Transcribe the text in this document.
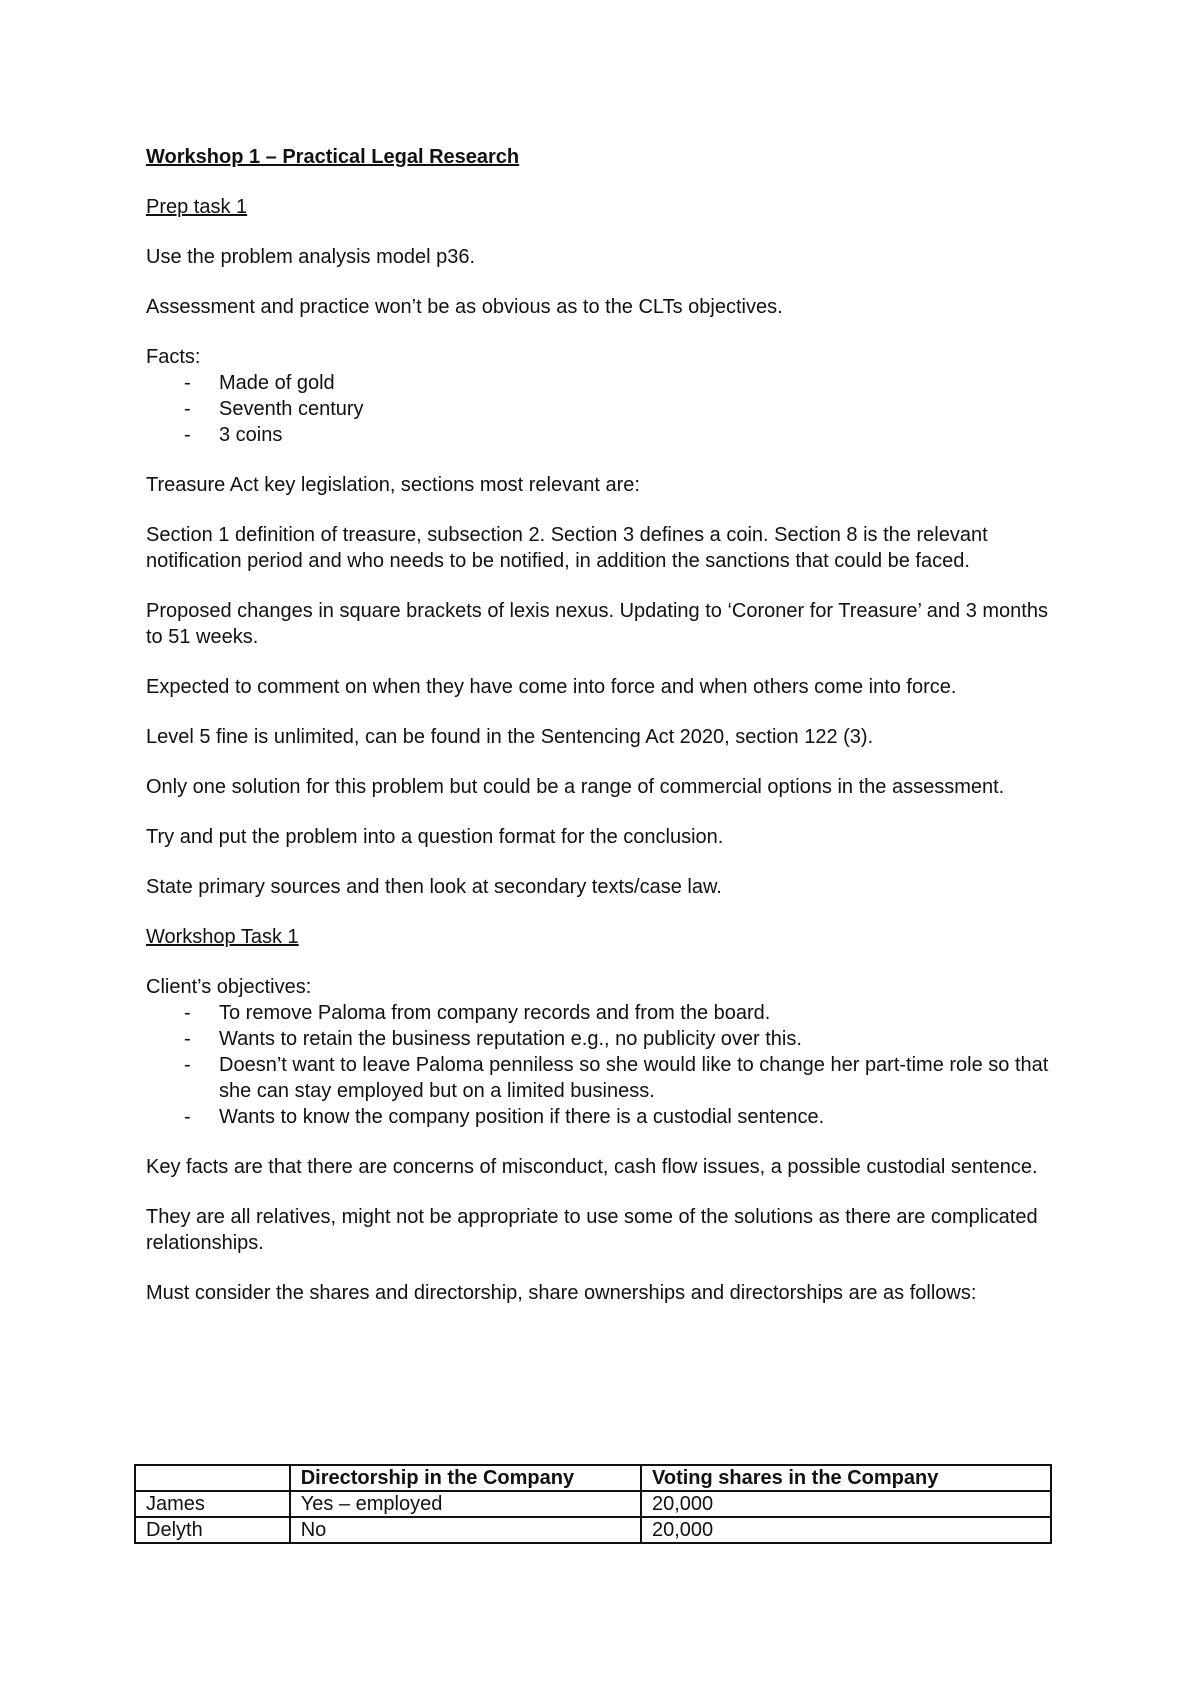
Workshop 1 – Practical Legal Research

Prep task 1

Use the problem analysis model p36.

Assessment and practice won’t be as obvious as to the CLTs objectives.

Facts:

- Made of gold
- Seventh century
- 3 coins

Treasure Act key legislation, sections most relevant are:

Section 1 definition of treasure, subsection 2. Section 3 defines a coin. Section 8 is the relevant notification period and who needs to be notified, in addition the sanctions that could be faced.

Proposed changes in square brackets of lexis nexus. Updating to ‘Coroner for Treasure’ and 3 months to 51 weeks.

Expected to comment on when they have come into force and when others come into force.

Level 5 fine is unlimited, can be found in the Sentencing Act 2020, section 122 (3).

Only one solution for this problem but could be a range of commercial options in the assessment.

Try and put the problem into a question format for the conclusion.

State primary sources and then look at secondary texts/case law.

Workshop Task 1

Client’s objectives:

- To remove Paloma from company records and from the board.
- Wants to retain the business reputation e.g., no publicity over this.
- Doesn’t want to leave Paloma penniless so she would like to change her part-time role so that she can stay employed but on a limited business.
- Wants to know the company position if there is a custodial sentence.

Key facts are that there are concerns of misconduct, cash flow issues, a possible custodial sentence.

They are all relatives, might not be appropriate to use some of the solutions as there are complicated relationships.

Must consider the shares and directorship, share ownerships and directorships are as follows:

	Directorship in the Company	Voting shares in the Company
James	Yes – employed	20,000
Delyth	No	20,000
